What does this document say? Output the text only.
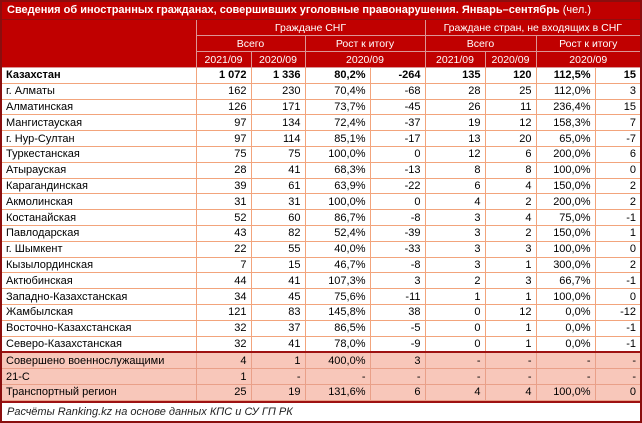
Сведения об иностранных гражданах, совершивших уголовные правонарушения. Январь–сентябрь (чел.)
	Граждане СНГ				Граждане стран, не входящих в СНГ			
	Всего		Рост к итогу		Всего		Рост к итогу	
	2021/09	2020/09	2020/09		2021/09	2020/09	2020/09	
Казахстан	1 072	1 336	80,2%	-264	135	120	112,5%	15
г. Алматы	162	230	70,4%	-68	28	25	112,0%	3
Алматинская	126	171	73,7%	-45	26	11	236,4%	15
Мангистауская	97	134	72,4%	-37	19	12	158,3%	7
г. Нур-Султан	97	114	85,1%	-17	13	20	65,0%	-7
Туркестанская	75	75	100,0%	0	12	6	200,0%	6
Атырауская	28	41	68,3%	-13	8	8	100,0%	0
Карагандинская	39	61	63,9%	-22	6	4	150,0%	2
Акмолинская	31	31	100,0%	0	4	2	200,0%	2
Костанайская	52	60	86,7%	-8	3	4	75,0%	-1
Павлодарская	43	82	52,4%	-39	3	2	150,0%	1
г. Шымкент	22	55	40,0%	-33	3	3	100,0%	0
Кызылординская	7	15	46,7%	-8	3	1	300,0%	2
Актюбинская	44	41	107,3%	3	2	3	66,7%	-1
Западно-Казахстанская	34	45	75,6%	-11	1	1	100,0%	0
Жамбылская	121	83	145,8%	38	0	12	0,0%	-12
Восточно-Казахстанская	32	37	86,5%	-5	0	1	0,0%	-1
Северо-Казахстанская	32	41	78,0%	-9	0	1	0,0%	-1
Совершено военнослужащими	4	1	400,0%	3	-	-	-	-
21-С	1	-	-	-	-	-	-	-
Транспортный регион	25	19	131,6%	6	4	4	100,0%	0
Расчёты Ranking.kz на основе данных КПС и СУ ГП РК
